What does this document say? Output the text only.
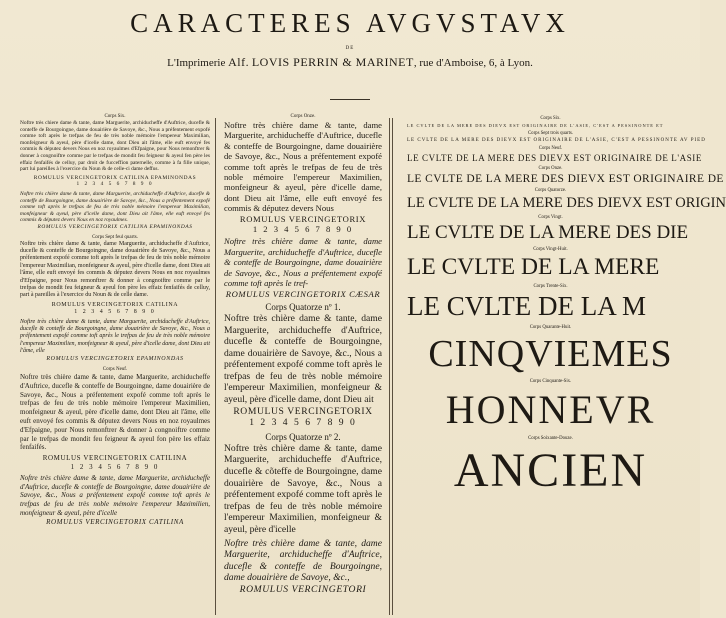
CARACTERES AVGVSTAVX
DE
L'Imprimerie Alf. LOVIS PERRIN & MARINET, rue d'Amboise, 6, à Lyon.
Corps Six.
Noftre très chiere dame & tante, dame Marguerite, archiducheffe d'Auftrice, ducefle & conteffe de Bourgoingne, dame douairière de Savoye, &c., Nous a préfentement expofé comme toft après le trefpas de feu de très noble mémoire l'empereur Maximilian, monfeigneur & ayeul, père d'icelle dame, dont Dieu ait l'âme, elle euft envoyé fes commis & députez devers Nous en noz royaulmes d'Efpaigne, pour Nous remonftrer & donner à congnoiftre comme par le trefpas de mondit feu feigneur & ayeul fen père les effaiz fenfaifés de celluy, par droit de fucceffion paternelle, comme à fa fille unique, part lui pareilles à l'exercice du Noun & de celle-ci dame deffus.
ROMULUS VERCINGETORIX CATILINA EPAMINONDAS
1 2 3 4 5 6 7 8 9 0
Noftre très chière dame & tante, dame Marguerite, archiducheffe d'Auftrice, ducefle & conteffe de Bourgoingne, dame douairière de Savoye, &c., Nous a préfentement expofé comme toft après le trefpas de feu de très noble mémoire l'empereur Maximilian, monfeigneur & ayeul, père d'icelle dame, dont Dieu ait l'âme, elle euft envoyé fes commis & députez devers Nous en noz royaulmes.
ROMULUS VERCINGETORIX CATILINA EPAMINONDAS
Corps Sept feul quarts.
Noftre très chière dame & tante, dame Marguerite, archiducheffe d'Auftrice, ducefle & conteffe de Bourgoingne, dame douairière de Savoye, &c., Nous a préfentement expofé comme toft après le trefpas de feu de très noble mémoire l'empereur Maximilian, monfeigneur & ayeul, père d'icelle dame, dont Dieu ait l'âme, elle euft envoyé fes commis & députez devers Nous en noz royaulmes d'Efpaigne, pour Nous remonftrer & donner à congnoiftre comme par le trefpas de mondit feu feigneur & ayeul fon père les effaiz fenfaifés de celluy, part à pareilles à l'exercice du Noun & de celle dame.
ROMULUS VERCINGETORIX CATILINA
1 2 3 4 5 6 7 8 9 0
Noftre très chière dame & tante, dame Marguerite, archiducheffe d'Auftrice, ducefle & conteffe de Bourgoingne, dame douairière de Savoye, &c., Nous a préfentement expofé comme toft après le trefpas de feu de très noble mémoire l'empereur Maximilien, monfeigneur & ayeul, père d'icelle dame, dont Dieu ait l'âme, elle
ROMULUS VERCINGETORIX EPAMINONDAS
Corps Neuf.
Noftre très chière dame & tante, dame Marguerite, archiducheffe d'Auftrice, ducefle & conteffe de Bourgoingne, dame douairière de Savoye, &c., Nous a préfentement expofé comme toft après le trefpas de feu de très noble mémoire l'empereur Maximilien, monfeigneur & ayeul, père d'icelle dame, dont Dieu ait l'âme, elle euft envoyé fes commis & députez devers Nous en noz royaulmes d'Efpaigne, pour Nous remonftrer & donner à congnoiftre comme par le trefpas de mondit feu feigneur & ayeul fon père les effaiz fenfaifés.
ROMULUS VERCINGETORIX CATILINA
1 2 3 4 5 6 7 8 9 0
Noftre très chière dame & tante, dame Marguerite, archiducheffe d'Auftrice, ducefle & conteffe de Bourgoingne, dame douairière de Savoye, &c., Nous a préfentement expofé comme toft après le trefpas de feu de très noble mémoire l'empereur Maximilien, monfeigneur & ayeul, père d'icelle
ROMULUS VERCINGETORIX CATILINA
Corps Onze.
Noftre très chière dame & tante, dame Marguerite, archiducheffe d'Auftrice, ducefle & conteffe de Bourgoingne, dame douairière de Savoye, &c., Nous a préfentement expofé comme toft après le trefpas de feu de très noble mémoire l'empereur Maximilien, monfeigneur & ayeul, père d'icelle dame, dont Dieu ait l'âme, elle euft envoyé fes commis & députez devers Nous
ROMULUS VERCINGETORIX
1 2 3 4 5 6 7 8 9 0
Noftre très chière dame & tante, dame Marguerite, archiducheffe d'Auftrice, ducefle & conteffe de Bourgoingne, dame douairière de Savoye, &c., Nous a préfentement expofé comme toft après le tref-
ROMULUS VERCINGETORIX CÆSAR
Corps Quatorze nº 1.
Noftre très chière dame & tante, dame Marguerite, archiducheffe d'Auftrice, ducefle & conteffe de Bourgoingne, dame douairière de Savoye, &c., Nous a préfentement expofé comme toft après le trefpas de feu de très noble mémoire l'empereur Maximilien, monfeigneur & ayeul, père d'icelle dame, dont Dieu ait
ROMULUS VERCINGETORIX
1 2 3 4 5 6 7 8 9 0
Corps Quatorze nº 2.
Noftre très chière dame & tante, dame Marguerite, archiducheffe d'Auftrice, ducefle & cõteffe de Bourgoingne, dame douairière de Savoye, &c., Nous a préfentement expofé comme toft après le trefpas de feu de très noble mémoire l'empereur Maximilien, monfeigneur & ayeul, père d'icelle
Noftre très chière dame & tante, dame Marguerite, archiducheffe d'Auftrice, ducefle & conteffe de Bourgoingne, dame douairière de Savoye, &c.,
ROMULUS VERCINGETORI
Corps Six.
LE CVLTE DE LA MERE DES DIEVX EST ORIGINAIRE DE L'ASIE, C'EST A PESSINONTE ET
Corps Sept trois quarts.
LE CVLTE DE LA MERE DES DIEVX EST ORIGINAIRE DE L'ASIE, C'EST A PESSINONTE AV PIED
Corps Neuf.
LE CVLTE DE LA MERE DES DIEVX EST ORIGINAIRE DE L'ASIE
Corps Onze.
LE CVLTE DE LA MERE DES DIEVX EST ORIGINAIRE DE
Corps Quatorze.
LE CVLTE DE LA MERE DES DIEVX EST ORIGIN
Corps Vingt.
LE CVLTE DE LA MERE DES DIE
Corps Vingt-Huit.
LE CVLTE DE LA MERE
Corps Trente-Six.
LE CVLTE DE LA M
Corps Quarante-Huit.
CINQVIEMES
Corps Cinquante-Six.
HONNEVR
Corps Soixante-Douze.
ANCIEN
